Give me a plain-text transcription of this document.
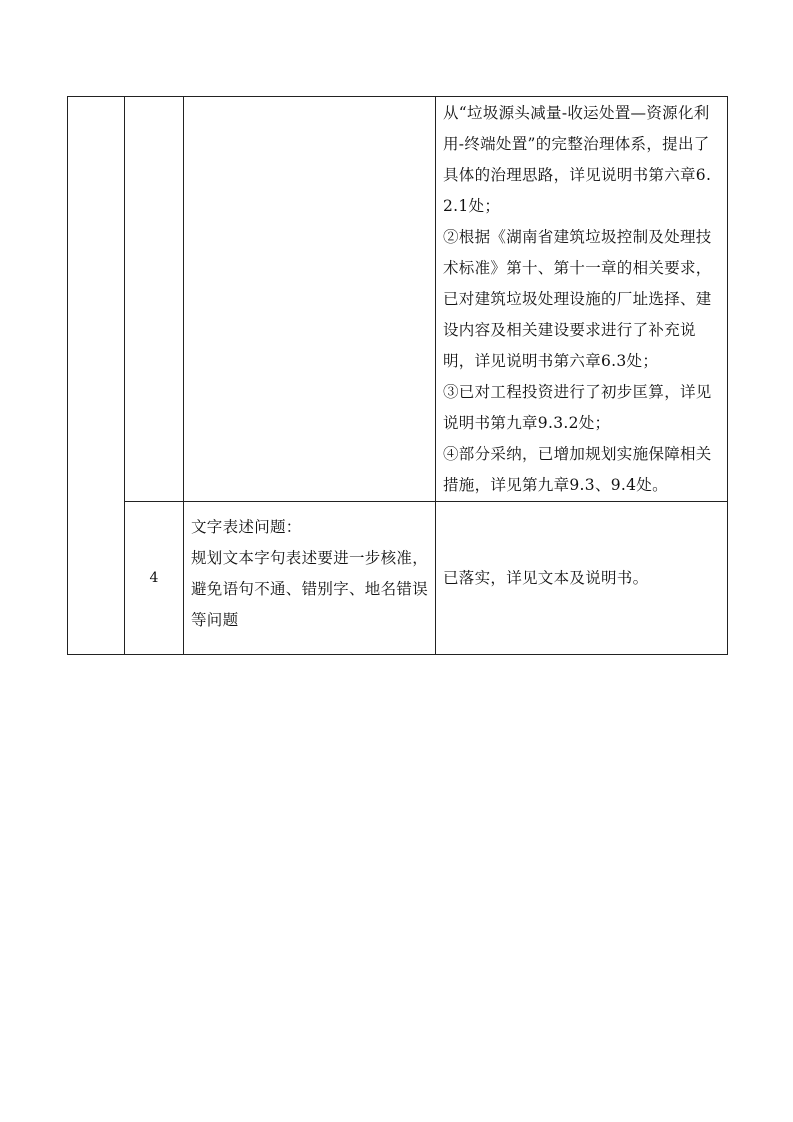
			从“垃圾源头减量-收运处置—资源化利用-终端处置”的完整治理体系，提出了具体的治理思路，详见说明书第六章6.2.1处；

②根据《湖南省建筑垃圾控制及处理技术标准》第十、第十一章的相关要求，已对建筑垃圾处理设施的厂址选择、建设内容及相关建设要求进行了补充说明，详见说明书第六章6.3处；

③已对工程投资进行了初步匡算，详见说明书第九章9.3.2处；

④部分采纳，已增加规划实施保障相关措施，详见第九章9.3、9.4处。

	4	文字表述问题：

规划文本字句表述要进一步核准，避免语句不通、错别字、地名错误等问题	已落实，详见文本及说明书。
